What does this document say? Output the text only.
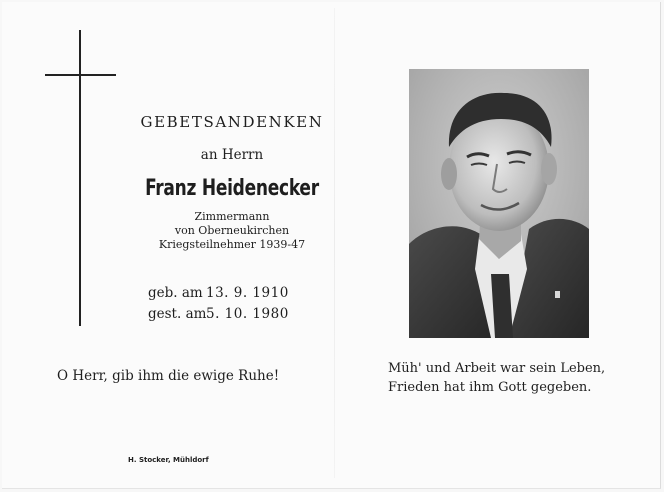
GEBETSANDENKEN
an Herrn
Franz Heidenecker
Zimmermann
von Oberneukirchen
Kriegsteilnehmer 1939-47
geb. am 13. 9. 1910
gest. am 5. 10. 1980
O Herr, gib ihm die ewige Ruhe!
H. Stocker, Mühldorf
Müh' und Arbeit war sein Leben,
Frieden hat ihm Gott gegeben.
